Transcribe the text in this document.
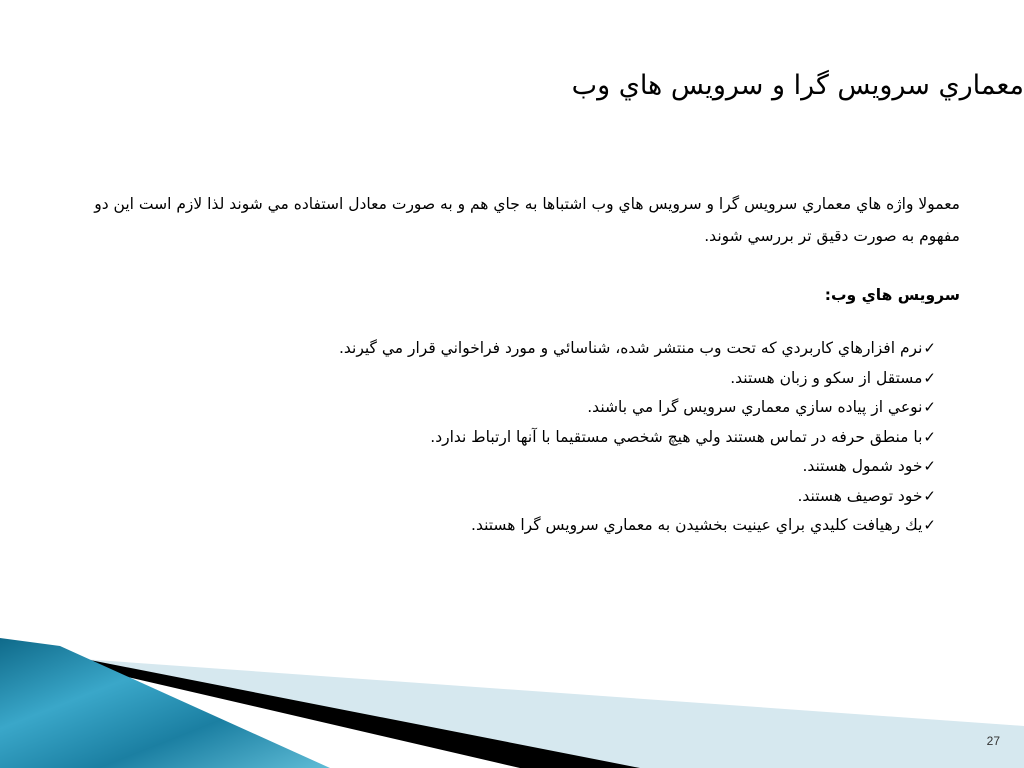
معماري سرويس گرا و سرويس هاي وب

معمولا واژه هاي معماري سرويس گرا و سرويس هاي وب اشتباها به جاي هم و به صورت معادل استفاده مي شوند لذا لازم است اين دو مفهوم به صورت دقيق تر بررسي شوند.

سرويس هاي وب:
✓نرم افزارهاي كاربردي كه تحت وب منتشر شده، شناسائي و مورد فراخواني قرار مي گيرند.
✓مستقل از سكو و زبان هستند.
✓نوعي از پياده سازي معماري سرويس گرا مي باشند.
✓با منطق حرفه در تماس هستند ولي هيچ شخصي مستقيما با آنها ارتباط ندارد.
✓خود شمول هستند.
✓خود توصيف هستند.
✓يك رهيافت كليدي براي عينيت بخشيدن به معماري سرويس گرا هستند.
27
